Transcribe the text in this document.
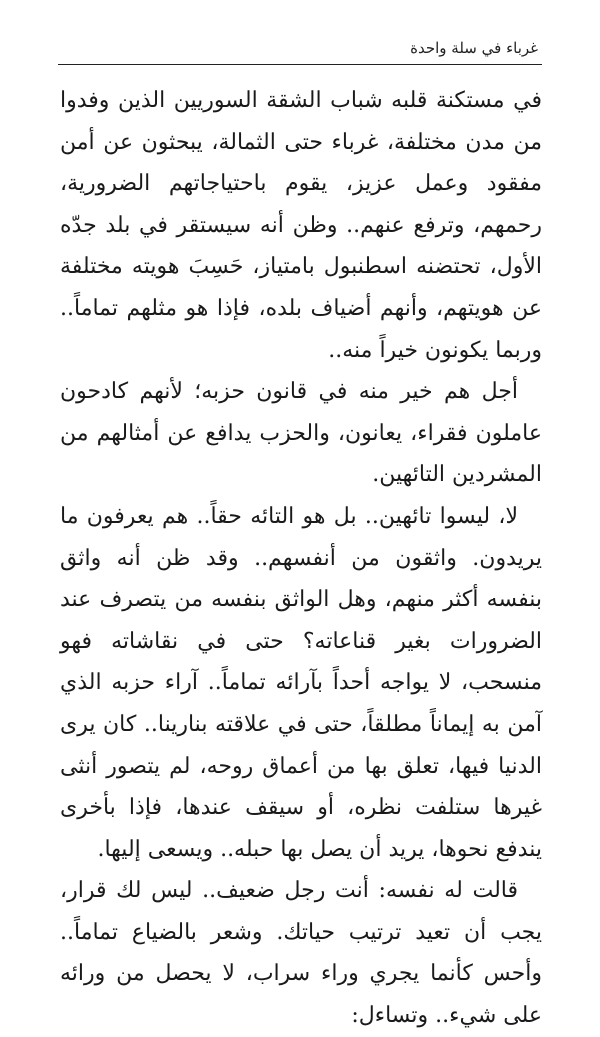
غرباء في سلة واحدة

في مستكنة قلبه شباب الشقة السوريين الذين وفدوا من مدن مختلفة، غرباء حتى الثمالة، يبحثون عن أمن مفقود وعمل عزيز، يقوم باحتياجاتهم الضرورية، رحمهم، وترفع عنهم.. وظن أنه سيستقر في بلد جدّه الأول، تحتضنه اسطنبول بامتياز، حَسِبَ هويته مختلفة عن هويتهم، وأنهم أضياف بلده، فإذا هو مثلهم تماماً.. وربما يكونون خيراً منه..

أجل هم خير منه في قانون حزبه؛ لأنهم كادحون عاملون فقراء، يعانون، والحزب يدافع عن أمثالهم من المشردين التائهين.

لا، ليسوا تائهين.. بل هو التائه حقاً.. هم يعرفون ما يريدون. واثقون من أنفسهم.. وقد ظن أنه واثق بنفسه أكثر منهم، وهل الواثق بنفسه من يتصرف عند الضرورات بغير قناعاته؟ حتى في نقاشاته فهو منسحب، لا يواجه أحداً بآرائه تماماً.. آراء حزبه الذي آمن به إيماناً مطلقاً، حتى في علاقته بنارينا.. كان يرى الدنيا فيها، تعلق بها من أعماق روحه، لم يتصور أنثى غيرها ستلفت نظره، أو سيقف عندها، فإذا بأخرى يندفع نحوها، يريد أن يصل بها حبله.. ويسعى إليها.

قالت له نفسه: أنت رجل ضعيف.. ليس لك قرار، يجب أن تعيد ترتيب حياتك. وشعر بالضياع تماماً.. وأحس كأنما يجري وراء سراب، لا يحصل من ورائه على شيء.. وتساءل:
